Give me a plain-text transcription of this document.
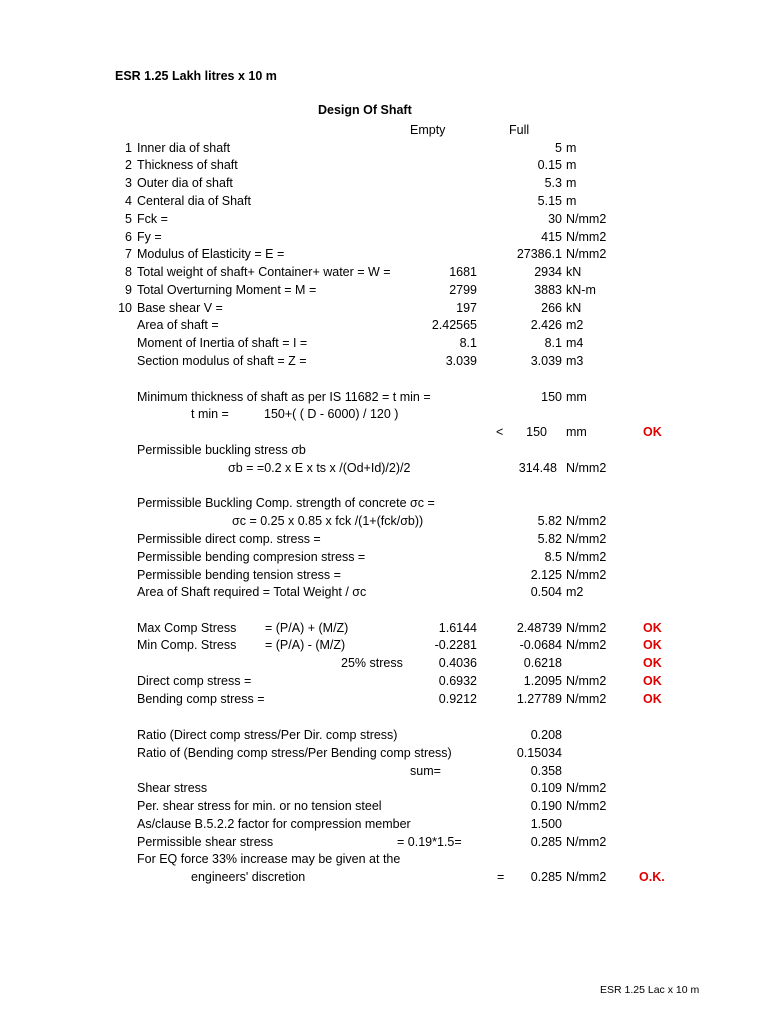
ESR 1.25 Lakh litres x 10 m
Design Of Shaft
Empty	Full
1 Inner dia of shaft	5 m
2 Thickness of shaft	0.15 m
3 Outer dia of shaft	5.3 m
4 Centeral dia of Shaft	5.15 m
5 Fck =	30 N/mm2
6 Fy =	415 N/mm2
7 Modulus of Elasticity = E =	27386.1 N/mm2
8 Total weight of shaft+ Container+ water = W =	1681	2934 kN
9 Total Overturning Moment = M =	2799	3883 kN-m
10 Base shear V =	197	266 kN
Area of shaft =	2.42565	2.426 m2
Moment of Inertia of shaft = I =	8.1	8.1 m4
Section modulus of shaft = Z =	3.039	3.039 m3
Minimum thickness of shaft as per IS 11682 = t min =	150 mm
t min =	150+( ( D - 6000) / 120 )
<	150 mm	OK
Permissible buckling stress σb
σb = =0.2 x E x ts x /(Od+Id)/2)/2	314.48 N/mm2
Permissible Buckling Comp. strength of concrete σc =
σc = 0.25 x 0.85 x fck /(1+(fck/σb))	5.82 N/mm2
Permissible direct comp. stress =	5.82 N/mm2
Permissible bending compresion stress =	8.5 N/mm2
Permissible bending tension stress =	2.125 N/mm2
Area of Shaft required = Total Weight / σc	0.504 m2
Max Comp Stress = (P/A) + (M/Z)	1.6144	2.48739 N/mm2	OK
Min Comp. Stress = (P/A) - (M/Z)	-0.2281	-0.0684 N/mm2	OK
25% stress	0.4036	0.6218	OK
Direct comp stress =	0.6932	1.2095 N/mm2	OK
Bending comp stress =	0.9212	1.27789 N/mm2	OK
Ratio (Direct comp stress/Per Dir. comp stress)	0.208
Ratio of (Bending comp stress/Per Bending comp stress)	0.15034
sum=	0.358
Shear stress	0.109 N/mm2
Per. shear stress for min. or no tension steel	0.190 N/mm2
As/clause B.5.2.2 factor for compression member	1.500
Permissible shear stress	= 0.19*1.5=	0.285 N/mm2
For EQ force 33% increase may be given at the
engineers' discretion	=	0.285 N/mm2	O.K.
ESR 1.25 Lac x 10 m
